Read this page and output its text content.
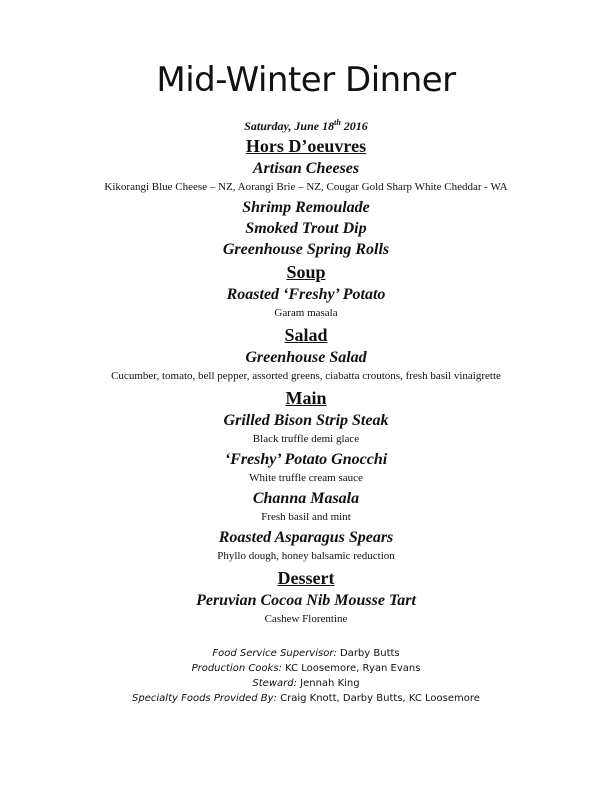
Mid-Winter Dinner
Saturday, June 18th 2016
Hors D’oeuvres
Artisan Cheeses
Kikorangi Blue Cheese – NZ, Aorangi Brie – NZ, Cougar Gold Sharp White Cheddar - WA
Shrimp Remoulade
Smoked Trout Dip
Greenhouse Spring Rolls
Soup
Roasted ‘Freshy’ Potato
Garam masala
Salad
Greenhouse Salad
Cucumber, tomato, bell pepper, assorted greens, ciabatta croutons, fresh basil vinaigrette
Main
Grilled Bison Strip Steak
Black truffle demi glace
‘Freshy’ Potato Gnocchi
White truffle cream sauce
Channa Masala
Fresh basil and mint
Roasted Asparagus Spears
Phyllo dough, honey balsamic reduction
Dessert
Peruvian Cocoa Nib Mousse Tart
Cashew Florentine
Food Service Supervisor: Darby Butts
Production Cooks: KC Loosemore, Ryan Evans
Steward: Jennah King
Specialty Foods Provided By: Craig Knott, Darby Butts, KC Loosemore
